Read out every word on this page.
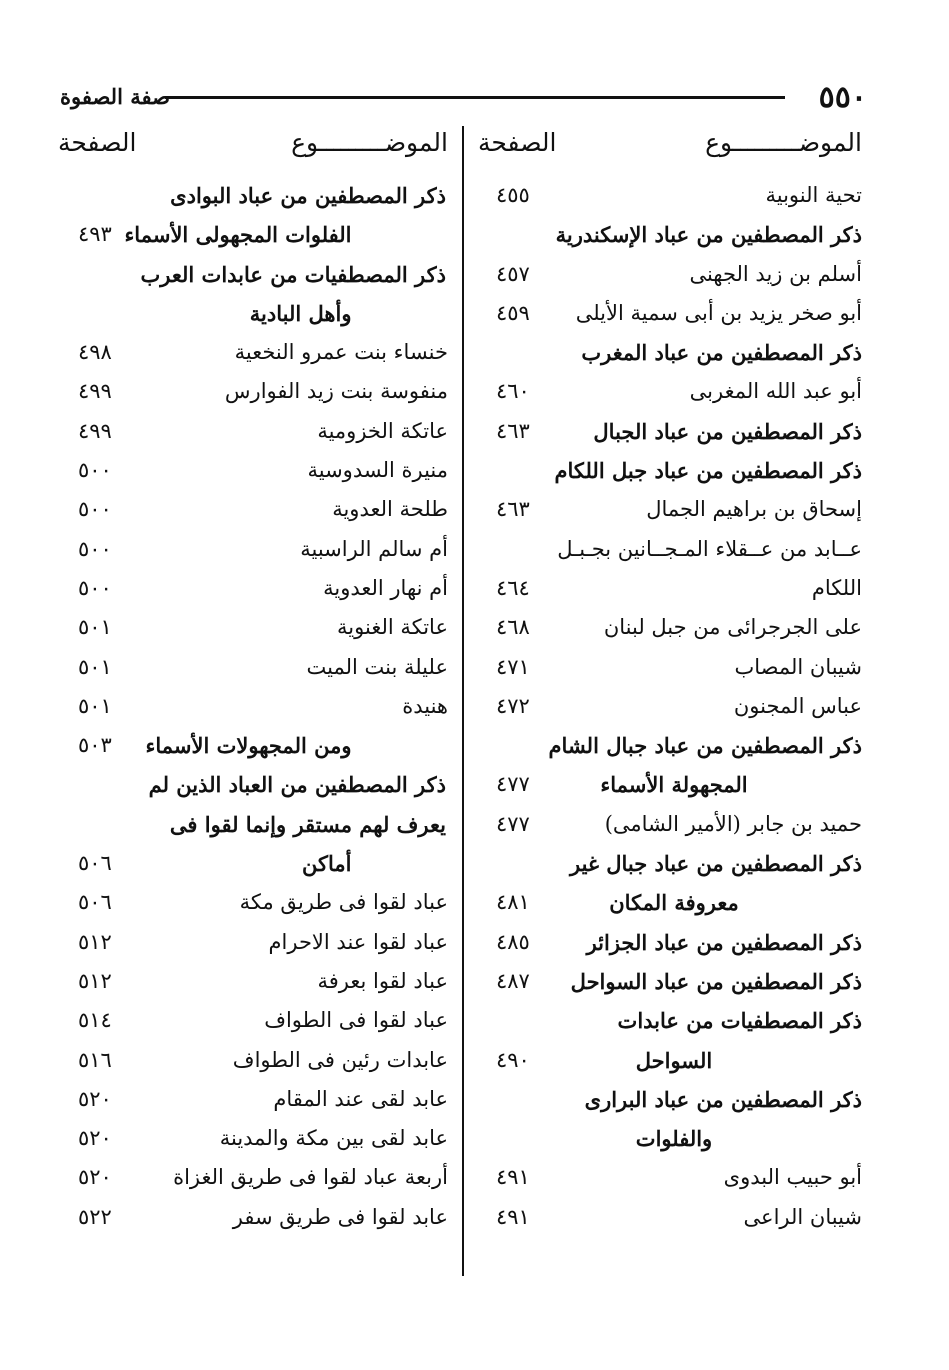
٥٥٠
صفة الصفوة
الموضـــــــــوع
الصفحة
تحية النوبية
٤٥٥
ذكر المصطفين من عباد الإسكندرية
أسلم بن زيد الجهنى
٤٥٧
أبو صخر يزيد بن أبى سمية الأيلى
٤٥٩
ذكر المصطفين من عباد المغرب
أبو عبد الله المغربى
٤٦٠
ذكر المصطفين من عباد الجبال
٤٦٣
ذكر المصطفين من عباد جبل اللكام
إسحاق بن براهيم الجمال
٤٦٣
عــابد من عــقلاء المـجــانين بجـبـل
اللكام
٤٦٤
على الجرجرائى من جبل لبنان
٤٦٨
شيبان المصاب
٤٧١
عباس المجنون
٤٧٢
ذكر المصطفين من عباد جبال الشام
المجهولة الأسماء
٤٧٧
حميد بن جابر (الأمير الشامى)
٤٧٧
ذكر المصطفين من عباد جبال غير
معروفة المكان
٤٨١
ذكر المصطفين من عباد الجزائر
٤٨٥
ذكر المصطفين من عباد السواحل
٤٨٧
ذكر المصطفيات من عابدات
السواحل
٤٩٠
ذكر المصطفين من عباد البرارى
والفلوات
أبو حبيب البدوى
٤٩١
شيبان الراعى
٤٩١
الموضـــــــــوع
الصفحة
ذكر المصطفين من عباد البوادى
الفلوات المجهولى الأسماء
٤٩٣
ذكر المصطفيات من عابدات العرب
وأهل البادية
خنساء بنت عمرو النخعية
٤٩٨
منفوسة بنت زيد الفوارس
٤٩٩
عاتكة الخزومية
٤٩٩
منيرة السدوسية
٥٠٠
طلحة العدوية
٥٠٠
أم سالم الراسبية
٥٠٠
أم نهار العدوية
٥٠٠
عاتكة الغنوية
٥٠١
عليلة بنت الميت
٥٠١
هنيدة
٥٠١
ومن المجهولات الأسماء
٥٠٣
ذكر المصطفين من العباد الذين لم
يعرف لهم مستقر وإنما لقوا فى
أماكن
٥٠٦
عباد لقوا فى طريق مكة
٥٠٦
عباد لقوا عند الاحرام
٥١٢
عباد لقوا بعرفة
٥١٢
عباد لقوا فى الطواف
٥١٤
عابدات رئين فى الطواف
٥١٦
عابد لقى عند المقام
٥٢٠
عابد لقى بين مكة والمدينة
٥٢٠
أربعة عباد لقوا فى طريق الغزاة
٥٢٠
عابد لقوا فى طريق سفر
٥٢٢
